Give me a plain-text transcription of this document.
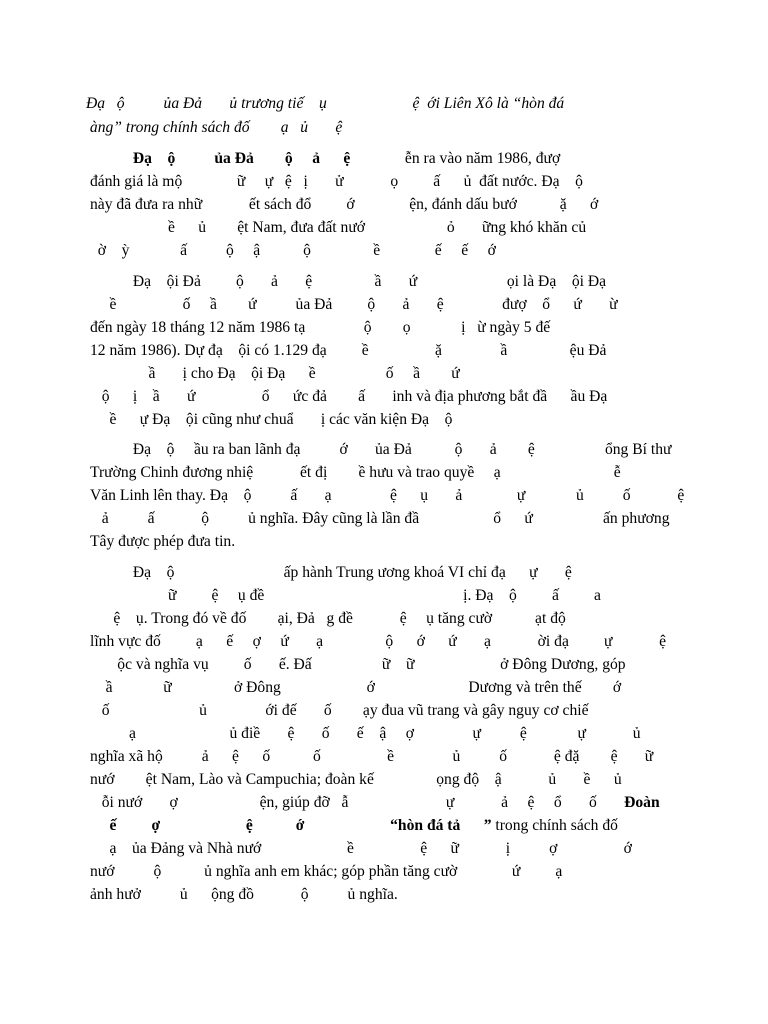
Đạ   ộ          ủa Đả       ủ trương tiế    ụ                      ệ  ới Liên Xô là “hòn đá
àng” trong chính sách đố        ạ   ủ       ệ
Đạ    ộ          ủa Đả        ộ     ả      ệ              ễn ra vào năm 1986, đượ
đánh giá là mộ              ữ     ự   ệ   ị       ử            ọ         ấ      ủ  đất nước. Đạ    ộ
này đã đưa ra nhữ            ết sách đổ         ớ              ện, đánh dấu bướ           ặ      ớ
ề      ủ        ệt Nam, đưa đất nướ                     ỏ       ững khó khăn củ
ờ    ỳ             ấ          ộ     ậ           ộ                ề              ế     ế     ớ
Đạ    ội Đả         ộ       ả       ệ                ầ       ứ                       ọi là Đạ    ội Đạ
ề                 ố     ầ        ứ          ủa Đả         ộ       ả       ệ               đượ    ổ      ứ       ừ
đến ngày 18 tháng 12 năm 1986 tạ               ộ        ọ             ị   ừ ngày 5 đế
12 năm 1986). Dự đạ    ội có 1.129 đạ         ề                 ặ               ầ                ệu Đả
ầ       ị cho Đạ    ội Đạ      ề                  ố     ầ        ứ
ộ      ị    ầ       ứ                 ổ      ức đả        ấ       inh và địa phương bắt đầ      ầu Đạ
ề      ự Đạ    ội cũng như chuẩ       ị các văn kiện Đạ    ộ
Đạ    ộ     ầu ra ban lãnh đạ          ớ       ủa Đả           ộ       ả        ệ                  ổng Bí thư
Trường Chinh đương nhiệ            ết đị        ề hưu và trao quyề     ạ                             ễ
Văn Linh lên thay. Đạ    ộ          ấ       ạ               ệ      ụ       ả              ự             ủ          ố            ệ
ả          ấ            ộ          ủ nghĩa. Đây cũng là lần đầ                   ổ      ứ                  ấn phương
Tây được phép đưa tin.
Đạ    ộ                            ấp hành Trung ương khoá VI chỉ đạ      ự       ệ
ữ         ệ     ụ đề                                                   ị. Đạ    ộ         ấ         a
ệ    ụ. Trong đó về đố        ại, Đả   g đề            ệ     ụ tăng cườ           ạt độ
lĩnh vực đố         ạ      ế     ợ     ứ       ạ                ộ      ớ      ứ       ạ            ời đạ         ự            ệ
ộc và nghĩa vụ         ố       ế. Đấ                  ữ    ữ                      ở Đông Dương, góp
ầ             ữ                ở Đông                      ớ                        Dương và trên thế        ớ
ố                       ủ               ới đế       ố        ạy đua vũ trang và gây nguy cơ chiế
ạ                        ủ điề       ệ       ố       ế    ậ     ợ               ự          ệ             ự            ủ
nghĩa xã hộ          ả      ệ      ố           ố                 ề               ủ          ố            ệ đặ        ệ       ữ
nướ        ệt Nam, Lào và Campuchia; đoàn kế                ọng độ    ậ            ủ       ề      ủ
ỗi nướ       ợ                     ện, giúp đỡ   ẫ                         ự            ả     ệ     ổ       ố       Đoàn
ế         ợ                      ệ           ớ                      “hòn đá tả      ” trong chính sách đố
ạ    ủa Đảng và Nhà nướ                      ề                 ệ      ữ            ị          ợ                 ớ
nướ          ộ           ủ nghĩa anh em khác; góp phần tăng cườ              ứ         ạ
ảnh hưở          ủ      ộng đồ            ộ          ủ nghĩa.
